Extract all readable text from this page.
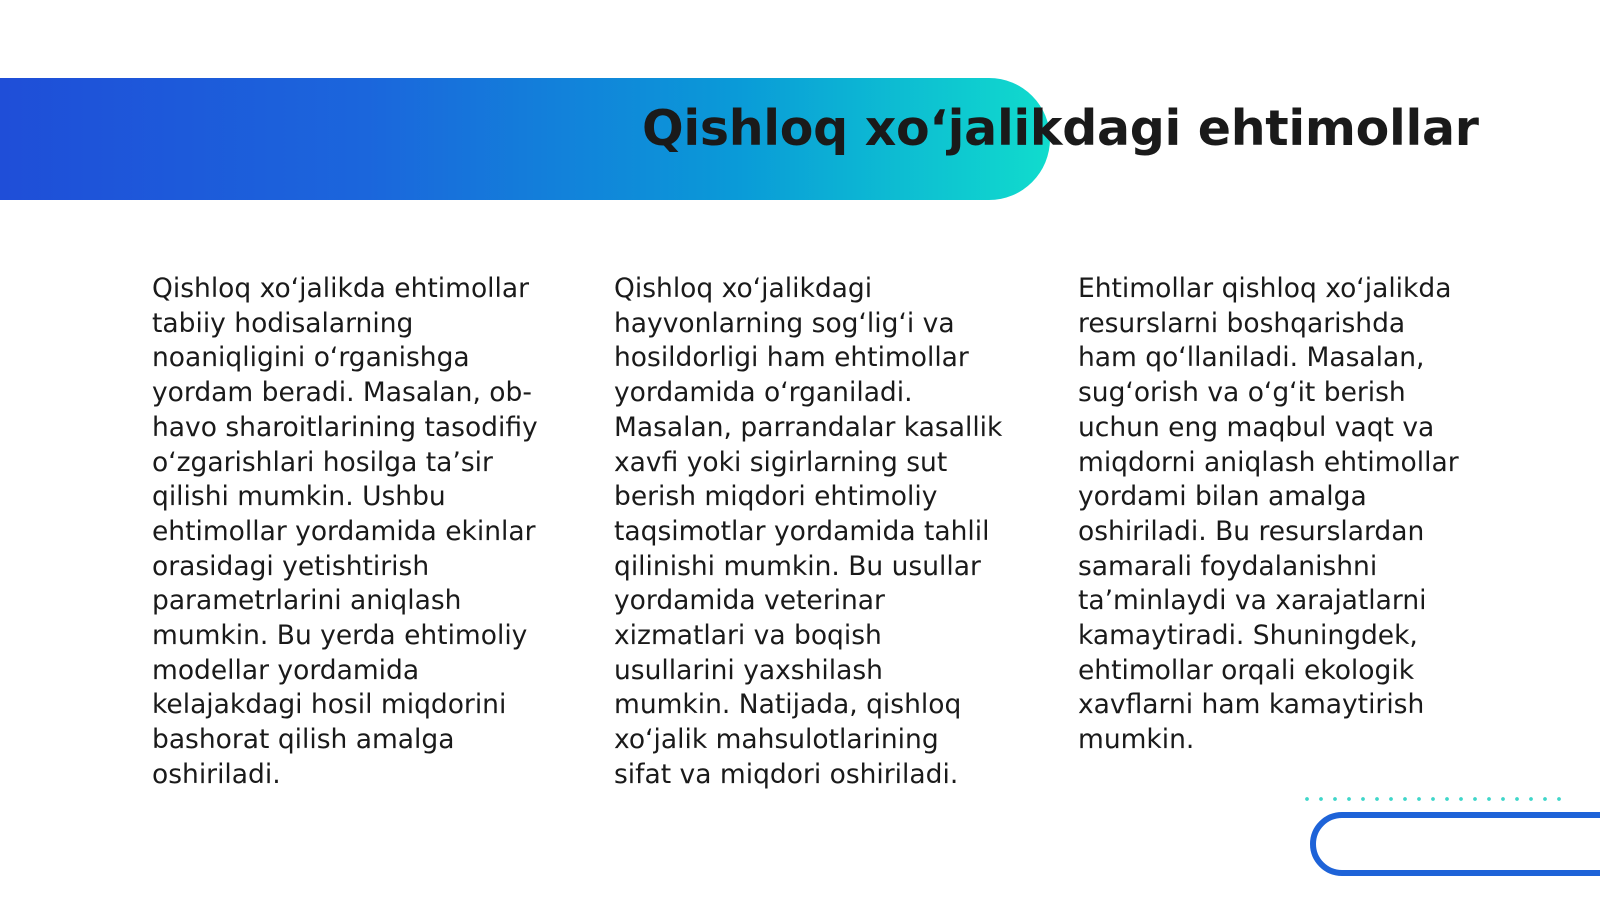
Qishloq xo‘jalikdagi ehtimollar

Qishloq xo‘jalikda ehtimollar tabiiy hodisalarning noaniqligini o‘rganishga yordam beradi. Masalan, ob-havo sharoitlarining tasodifiy o‘zgarishlari hosilga ta’sir qilishi mumkin. Ushbu ehtimollar yordamida ekinlar orasidagi yetishtirish parametrlarini aniqlash mumkin. Bu yerda ehtimoliy modellar yordamida kelajakdagi hosil miqdorini bashorat qilish amalga oshiriladi.

Qishloq xo‘jalikdagi hayvonlarning sog‘lig‘i va hosildorligi ham ehtimollar yordamida o‘rganiladi. Masalan, parrandalar kasallik xavfi yoki sigirlarning sut berish miqdori ehtimoliy taqsimotlar yordamida tahlil qilinishi mumkin. Bu usullar yordamida veterinar xizmatlari va boqish usullarini yaxshilash mumkin. Natijada, qishloq xo‘jalik mahsulotlarining sifat va miqdori oshiriladi.

Ehtimollar qishloq xo‘jalikda resurslarni boshqarishda ham qo‘llaniladi. Masalan, sug‘orish va o‘g‘it berish uchun eng maqbul vaqt va miqdorni aniqlash ehtimollar yordami bilan amalga oshiriladi. Bu resurslardan samarali foydalanishni ta’minlaydi va xarajatlarni kamaytiradi. Shuningdek, ehtimollar orqali ekologik xavflarni ham kamaytirish mumkin.
